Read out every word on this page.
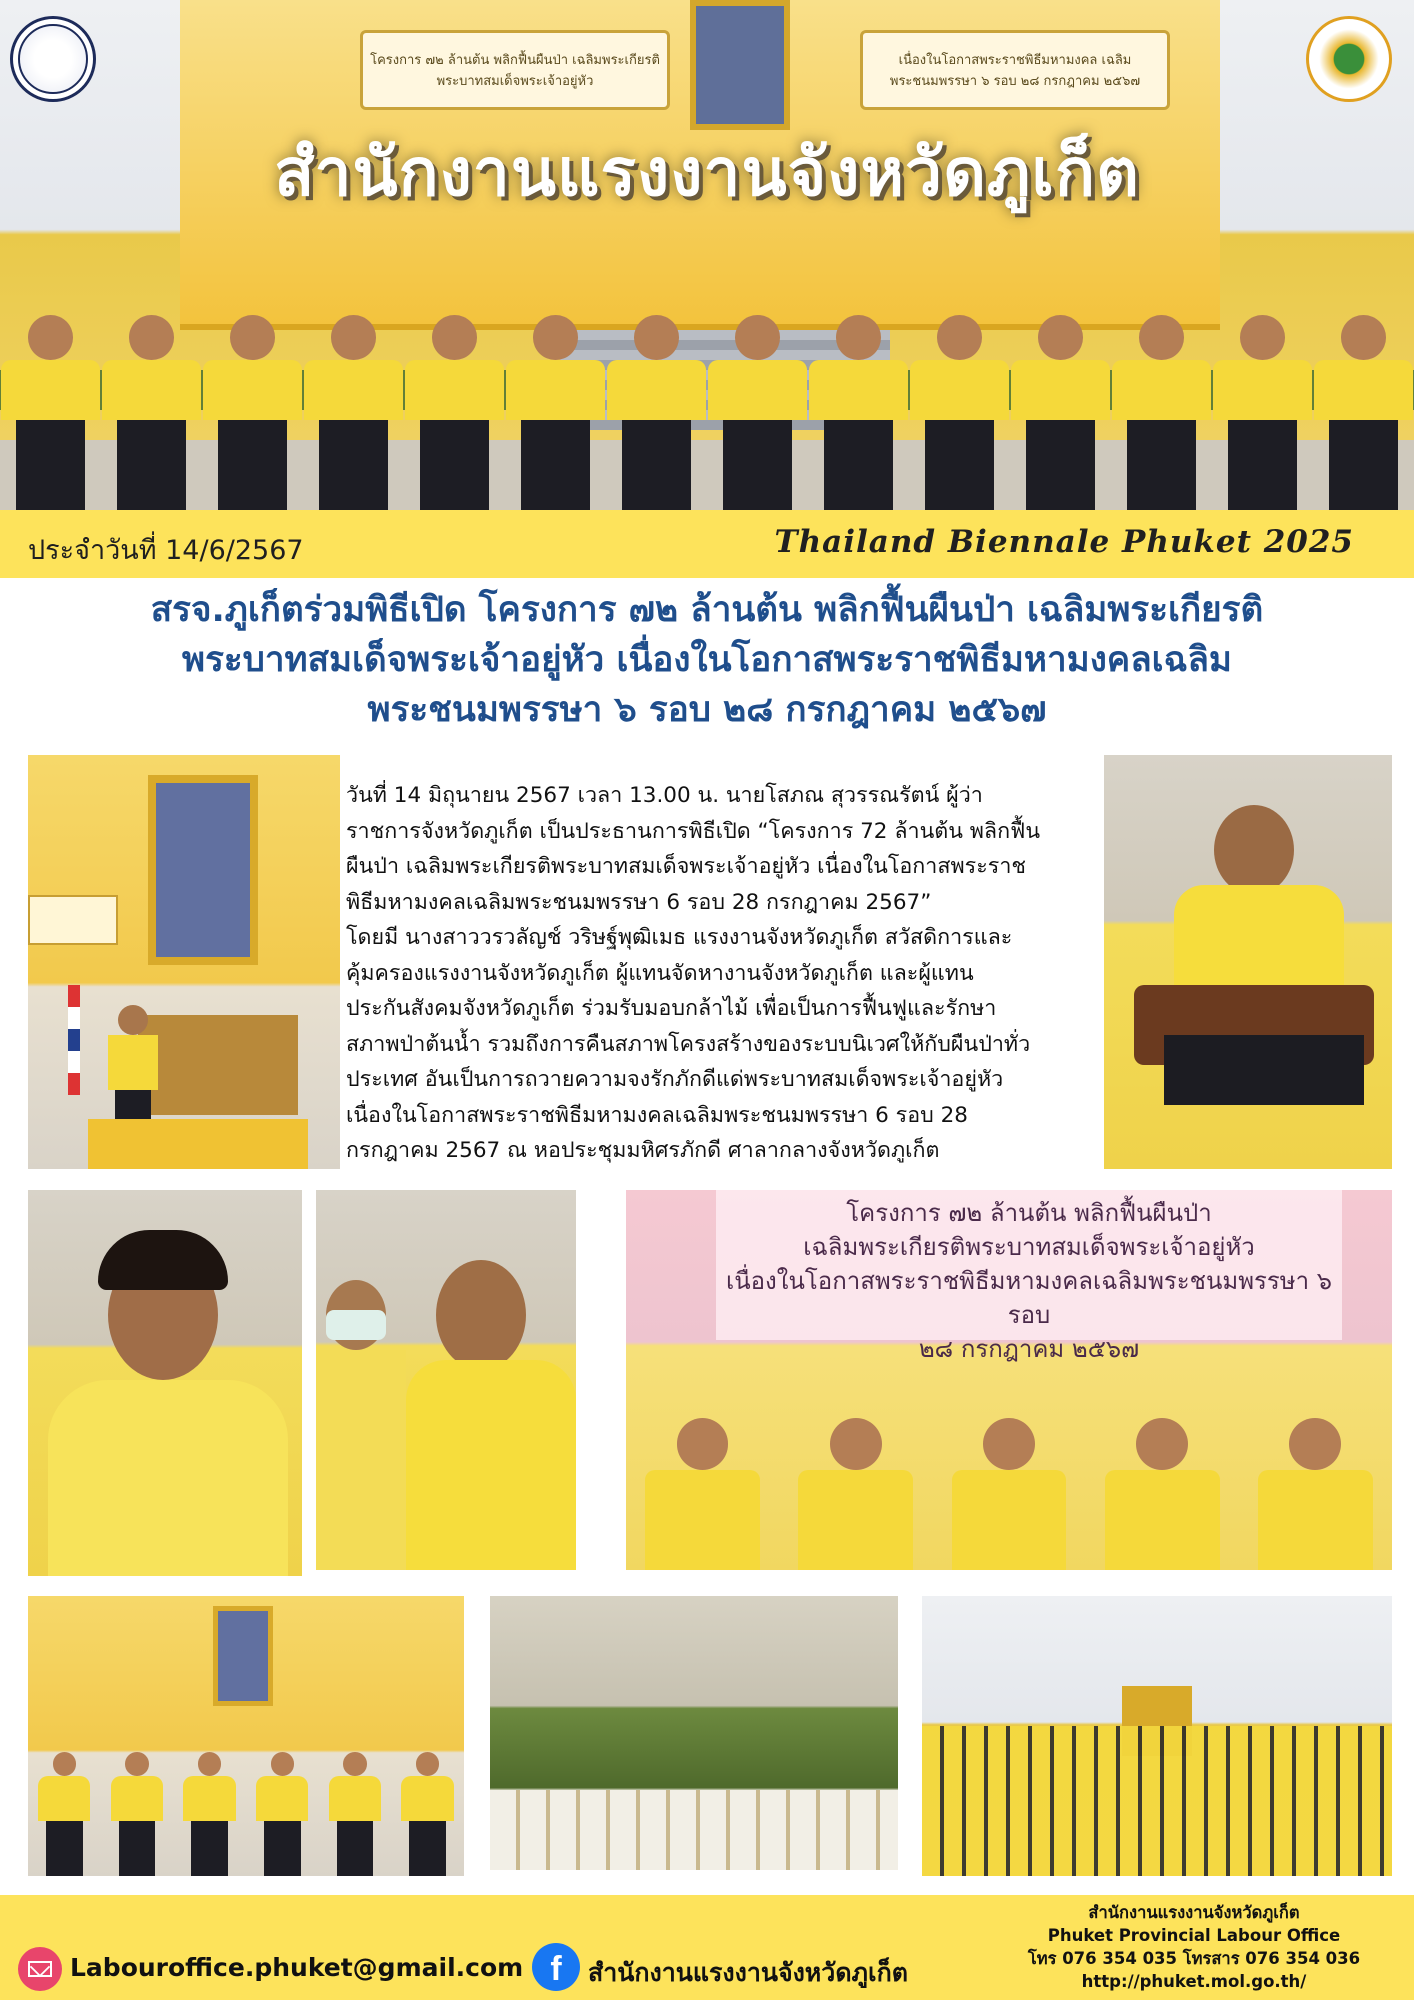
โครงการ ๗๒ ล้านต้น พลิกฟื้นผืนป่า เฉลิมพระเกียรติพระบาทสมเด็จพระเจ้าอยู่หัว
เนื่องในโอกาสพระราชพิธีมหามงคล เฉลิมพระชนมพรรษา ๖ รอบ ๒๘ กรกฎาคม ๒๕๖๗
สำนักงานแรงงานจังหวัดภูเก็ต
ประจำวันที่ 14/6/2567	Thailand Biennale Phuket 2025
สรจ.ภูเก็ตร่วมพิธีเปิด โครงการ ๗๒ ล้านต้น พลิกฟื้นผืนป่า เฉลิมพระเกียรติ
พระบาทสมเด็จพระเจ้าอยู่หัว เนื่องในโอกาสพระราชพิธีมหามงคลเฉลิม
พระชนมพรรษา ๖ รอบ ๒๘ กรกฎาคม ๒๕๖๗
วันที่ 14 มิถุนายน 2567 เวลา 13.00 น. นายโสภณ สุวรรณรัตน์ ผู้ว่า
ราชการจังหวัดภูเก็ต เป็นประธานการพิธีเปิด “โครงการ 72 ล้านต้น พลิกฟื้น
ผืนป่า เฉลิมพระเกียรติพระบาทสมเด็จพระเจ้าอยู่หัว เนื่องในโอกาสพระราช
พิธีมหามงคลเฉลิมพระชนมพรรษา 6 รอบ 28 กรกฎาคม 2567”
โดยมี นางสาววรวลัญช์ วริษฐ์พุฒิเมธ แรงงานจังหวัดภูเก็ต สวัสดิการและ
คุ้มครองแรงงานจังหวัดภูเก็ต ผู้แทนจัดหางานจังหวัดภูเก็ต และผู้แทน
ประกันสังคมจังหวัดภูเก็ต ร่วมรับมอบกล้าไม้ เพื่อเป็นการฟื้นฟูและรักษา
สภาพป่าต้นน้ำ รวมถึงการคืนสภาพโครงสร้างของระบบนิเวศให้กับผืนป่าทั่ว
ประเทศ อันเป็นการถวายความจงรักภักดีแด่พระบาทสมเด็จพระเจ้าอยู่หัว
เนื่องในโอกาสพระราชพิธีมหามงคลเฉลิมพระชนมพรรษา 6 รอบ 28
กรกฎาคม 2567 ณ หอประชุมมหิศรภักดี ศาลากลางจังหวัดภูเก็ต
โครงการ ๗๒ ล้านต้น พลิกฟื้นผืนป่า
เฉลิมพระเกียรติพระบาทสมเด็จพระเจ้าอยู่หัว
เนื่องในโอกาสพระราชพิธีมหามงคลเฉลิมพระชนมพรรษา ๖ รอบ
๒๘ กรกฎาคม ๒๕๖๗
Labouroffice.phuket@gmail.com f	สำนักงานแรงงานจังหวัดภูเก็ต
สำนักงานแรงงานจังหวัดภูเก็ต
Phuket Provincial Labour Office
โทร 076 354 035 โทรสาร 076 354 036
http://phuket.mol.go.th/
